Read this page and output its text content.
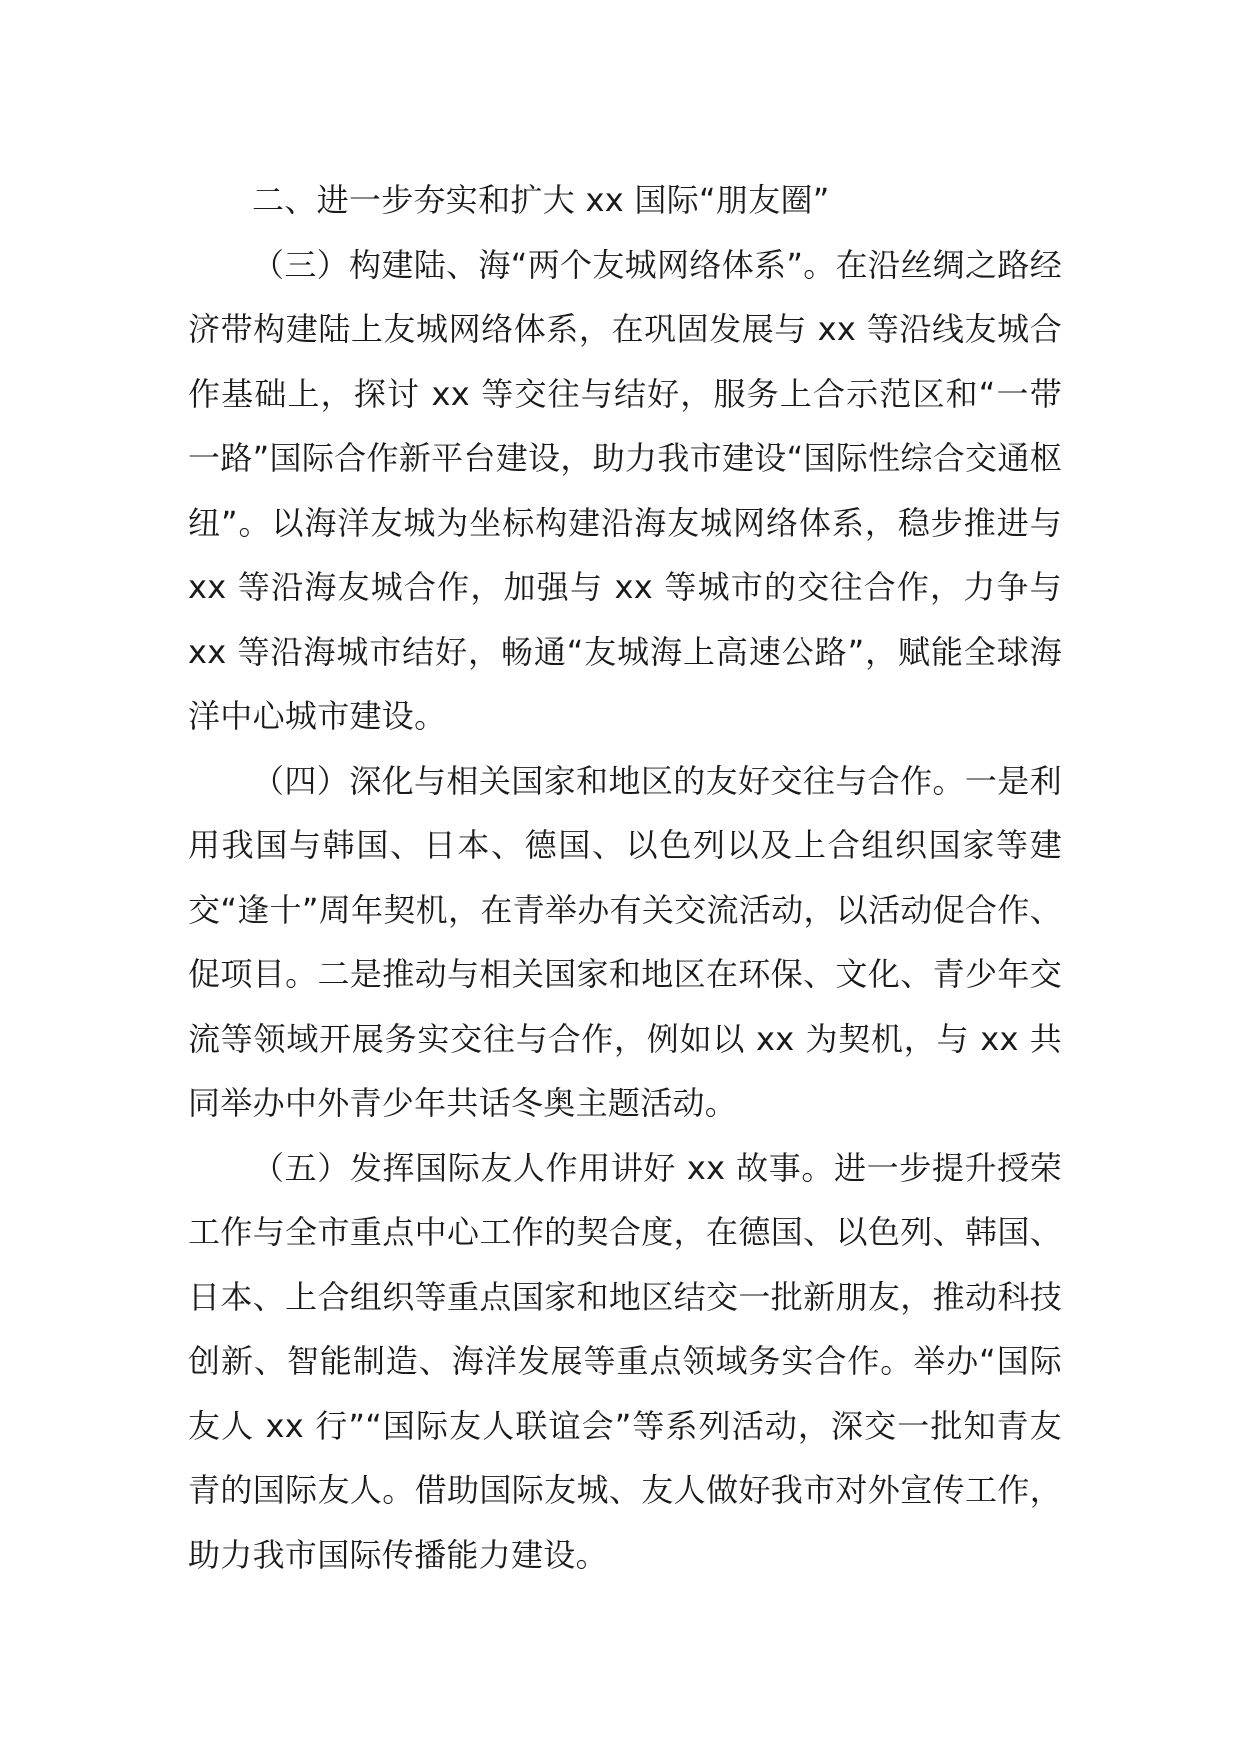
二、进一步夯实和扩大 xx 国际“朋友圈”

（三）构建陆、海“两个友城网络体系”。在沿丝绸之路经济带构建陆上友城网络体系，在巩固发展与 xx 等沿线友城合作基础上，探讨 xx 等交往与结好，服务上合示范区和“一带一路”国际合作新平台建设，助力我市建设“国际性综合交通枢纽”。以海洋友城为坐标构建沿海友城网络体系，稳步推进与 xx 等沿海友城合作，加强与 xx 等城市的交往合作，力争与 xx 等沿海城市结好，畅通“友城海上高速公路”，赋能全球海洋中心城市建设。

（四）深化与相关国家和地区的友好交往与合作。一是利用我国与韩国、日本、德国、以色列以及上合组织国家等建交“逢十”周年契机，在青举办有关交流活动，以活动促合作、促项目。二是推动与相关国家和地区在环保、文化、青少年交流等领域开展务实交往与合作，例如以 xx 为契机，与 xx 共同举办中外青少年共话冬奥主题活动。

（五）发挥国际友人作用讲好 xx 故事。进一步提升授荣工作与全市重点中心工作的契合度，在德国、以色列、韩国、日本、上合组织等重点国家和地区结交一批新朋友，推动科技创新、智能制造、海洋发展等重点领域务实合作。举办“国际友人 xx 行”“国际友人联谊会”等系列活动，深交一批知青友青的国际友人。借助国际友城、友人做好我市对外宣传工作，助力我市国际传播能力建设。
